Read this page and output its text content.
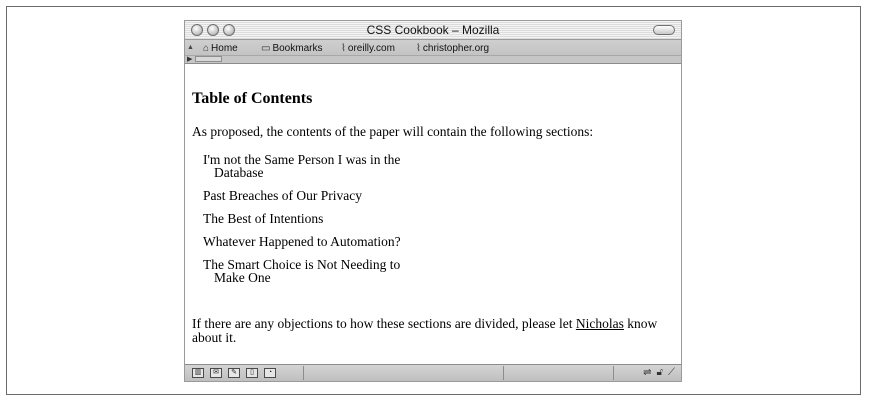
CSS Cookbook – Mozilla
▲ ⌂ Home ▭ Bookmarks ⌇ oreilly.com ⌇ christopher.org
▶
Table of Contents

As proposed, the contents of the paper will contain the following sections:

I'm not the Same Person I was in the Database
Past Breaches of Our Privacy
The Best of Intentions
Whatever Happened to Automation?
The Smart Choice is Not Needing to Make One

If there are any objections to how these sections are divided, please let Nicholas know about it.

▥	✉	✎	▯	◔	⇌ 🔓︎ ⟋
